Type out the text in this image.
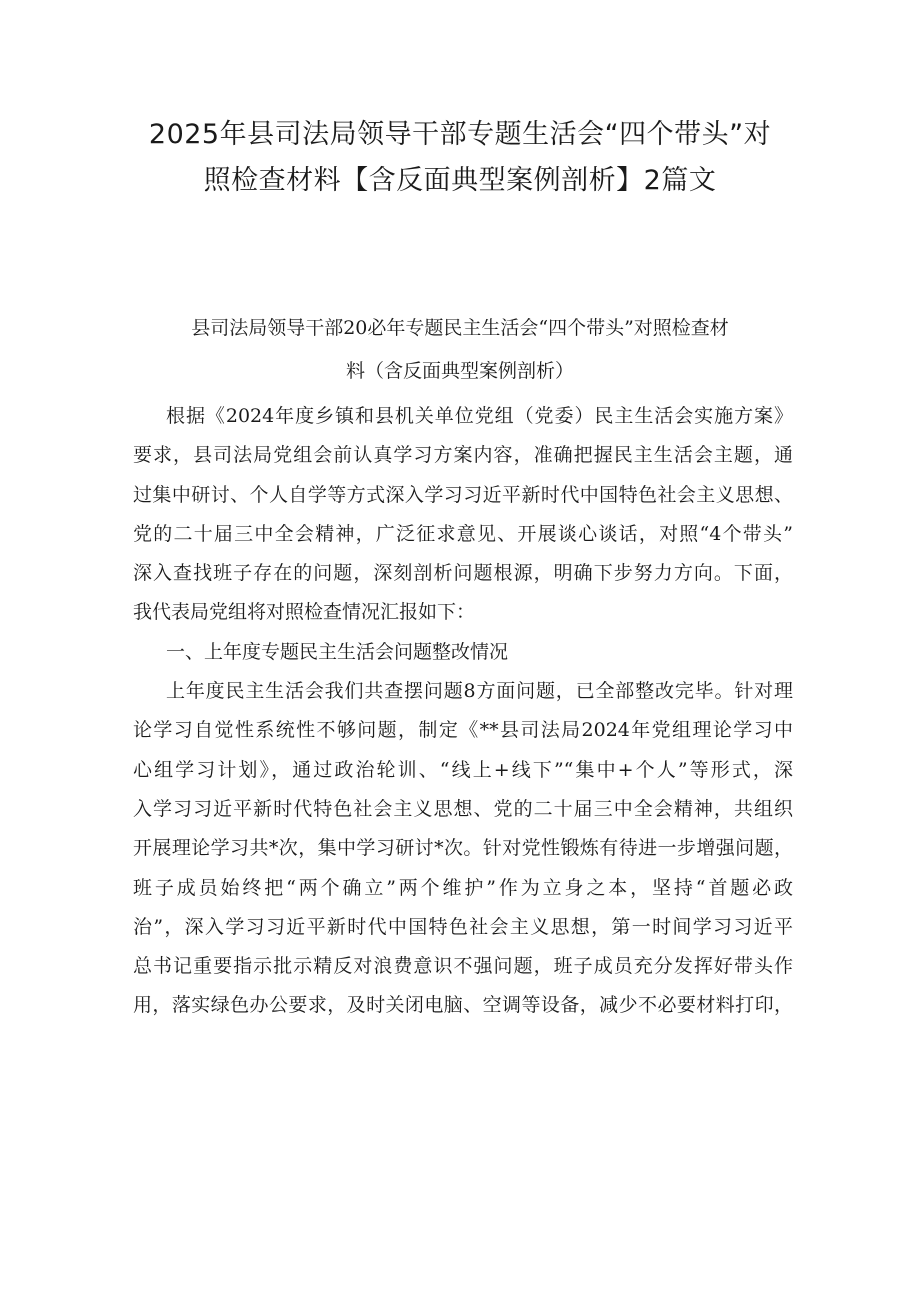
2025年县司法局领导干部专题生活会“四个带头”对
照检查材料【含反面典型案例剖析】2篇文
县司法局领导干部20必年专题民主生活会“四个带头”对照检查材
料（含反面典型案例剖析）
根据《2024年度乡镇和县机关单位党组（党委）民主生活会实施方案》
要求，县司法局党组会前认真学习方案内容，准确把握民主生活会主题，通
过集中研讨、个人自学等方式深入学习习近平新时代中国特色社会主义思想、
党的二十届三中全会精神，广泛征求意见、开展谈心谈话，对照“4个带头”
深入查找班子存在的问题，深刻剖析问题根源，明确下步努力方向。下面，
我代表局党组将对照检查情况汇报如下：
一、上年度专题民主生活会问题整改情况
上年度民主生活会我们共查摆问题8方面问题，已全部整改完毕。针对理
论学习自觉性系统性不够问题，制定《**县司法局2024年党组理论学习中
心组学习计划》，通过政治轮训、“线上+线下”“集中+个人”等形式，深
入学习习近平新时代特色社会主义思想、党的二十届三中全会精神，共组织
开展理论学习共*次，集中学习研讨*次。针对党性锻炼有待进一步增强问题，
班子成员始终把“两个确立”两个维护”作为立身之本，坚持“首题必政
治”，深入学习习近平新时代中国特色社会主义思想，第一时间学习习近平
总书记重要指示批示精反对浪费意识不强问题，班子成员充分发挥好带头作
用，落实绿色办公要求，及时关闭电脑、空调等设备，减少不必要材料打印，
